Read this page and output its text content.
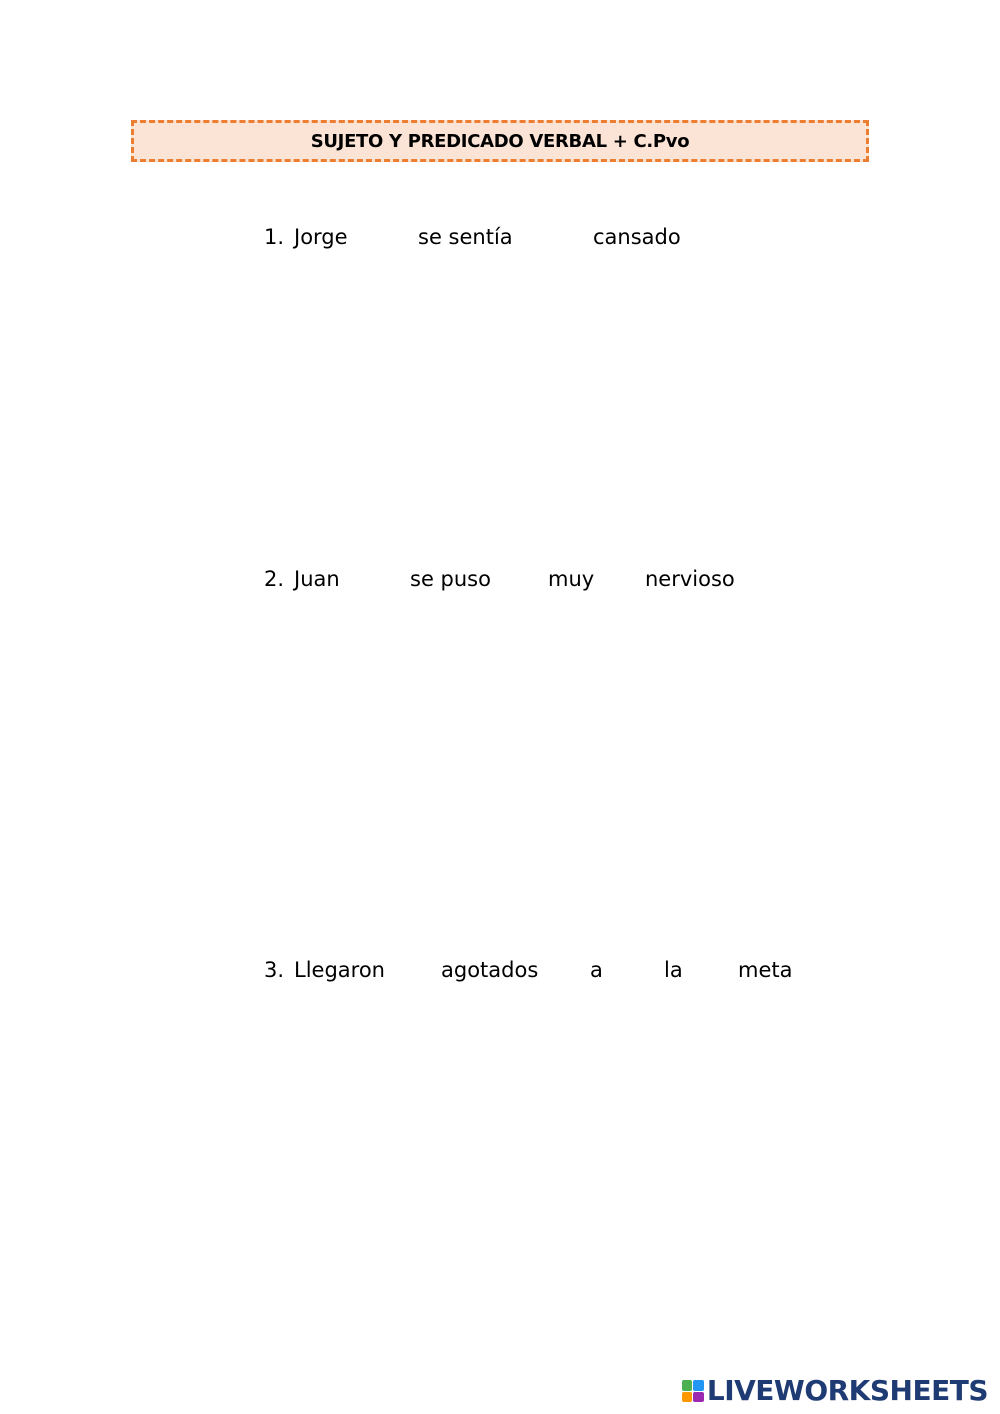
SUJETO Y PREDICADO VERBAL + C.Pvo
1. Jorge	se sentía	cansado
2. Juan	se puso	muy nervioso
3. Llegaron	agotados a	la	meta
LIVEWORKSHEETS
